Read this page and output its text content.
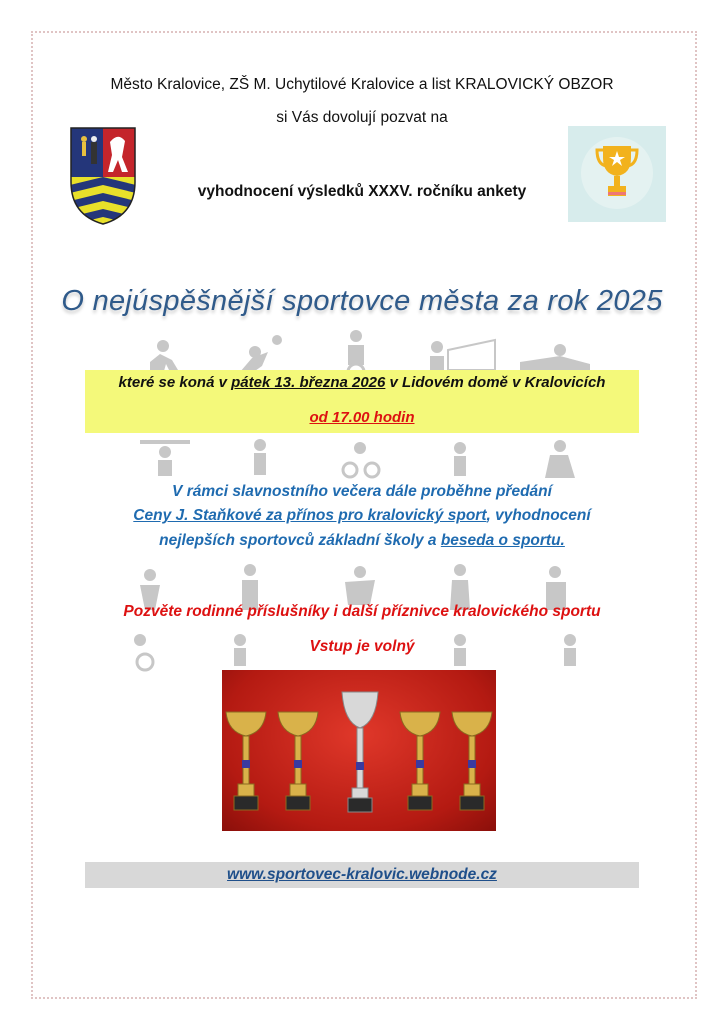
Město Kralovice, ZŠ M. Uchytilové Kralovice a list KRALOVICKÝ OBZOR
si Vás dovolují pozvat na
vyhodnocení výsledků XXXV. ročníku ankety
O nejúspěšnější sportovce města za rok 2025
které se koná v pátek 13. března 2026 v Lidovém domě v Kralovicích
od 17.00 hodin
V rámci slavnostního večera dále proběhne předání
Ceny J. Staňkové za přínos pro kralovický sport, vyhodnocení
nejlepších sportovců základní školy a beseda o sportu.
Pozvěte rodinné příslušníky i další příznivce kralovického sportu
Vstup je volný
www.sportovec-kralovic.webnode.cz
